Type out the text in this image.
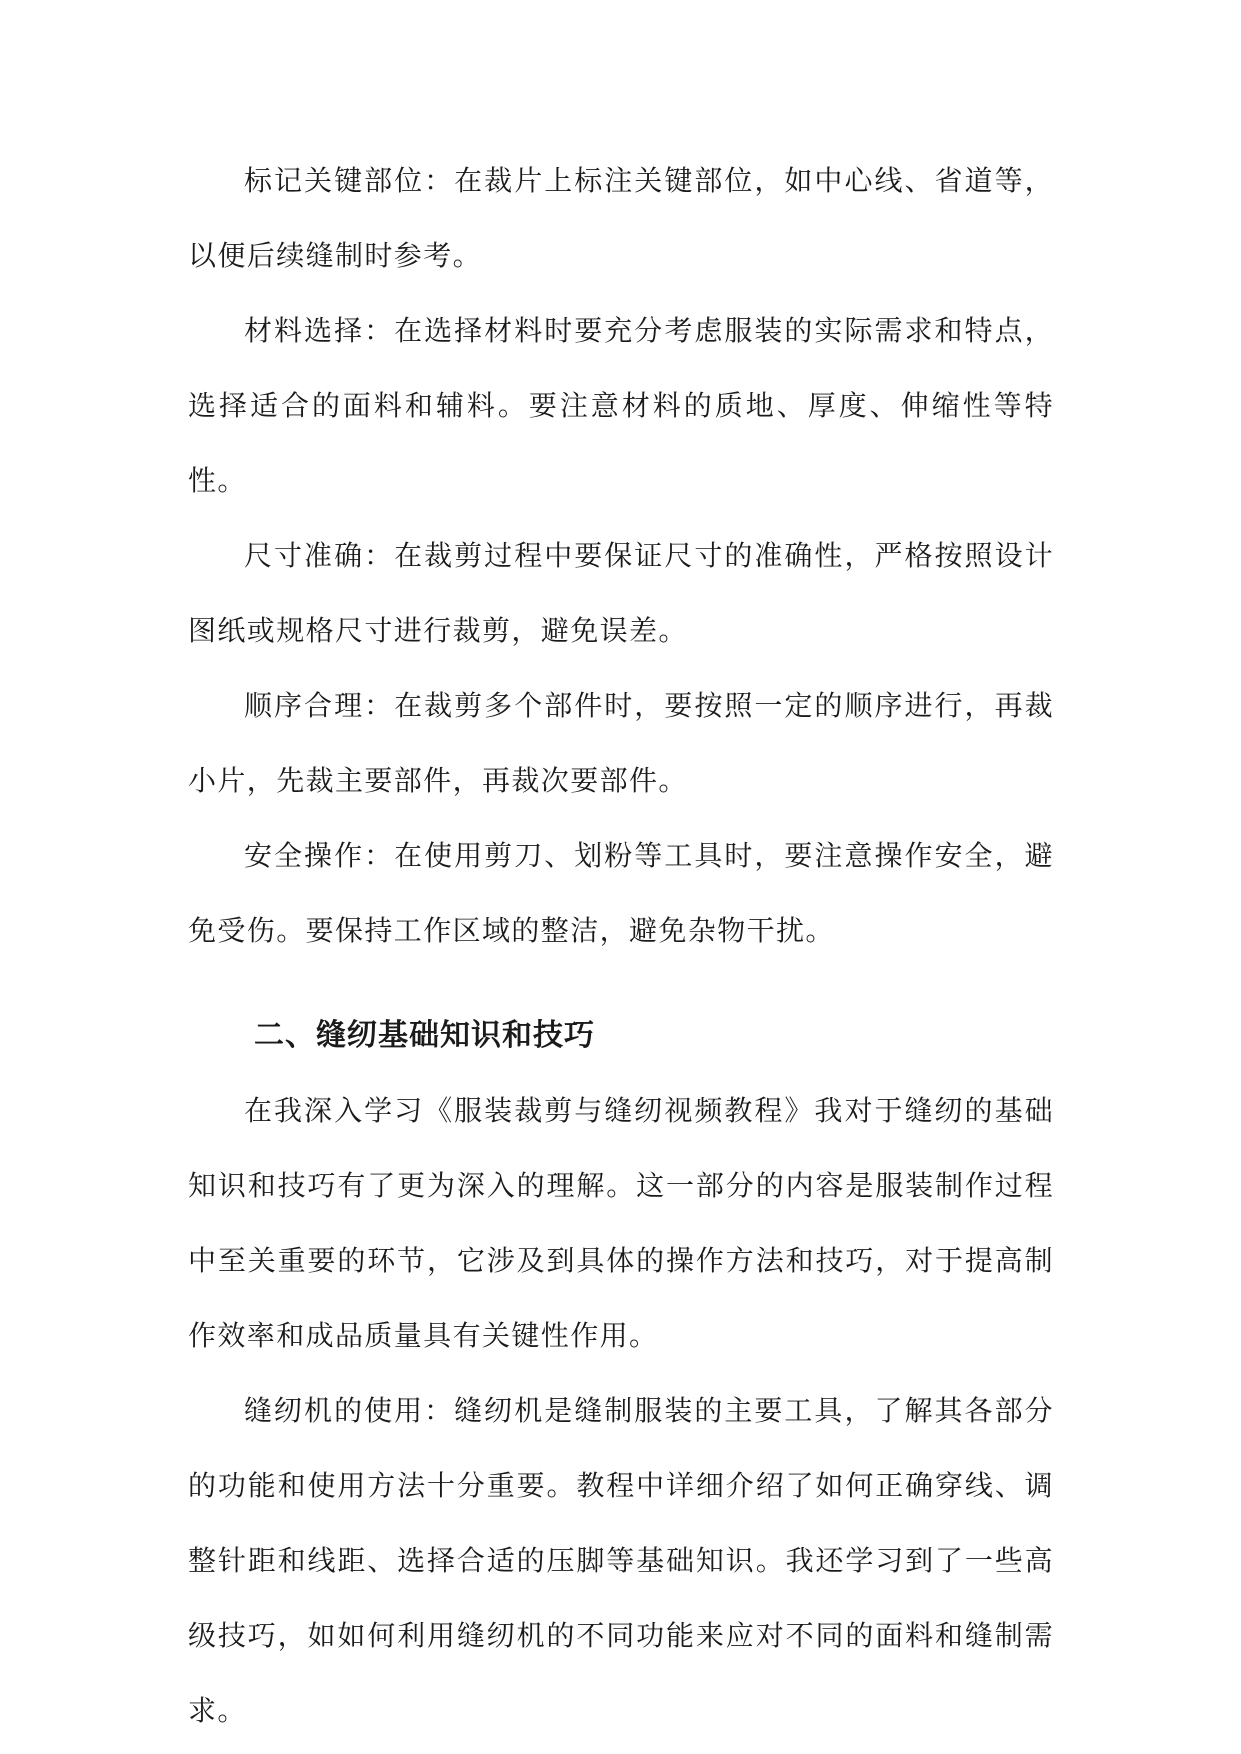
标记关键部位：在裁片上标注关键部位，如中心线、省道等，以便后续缝制时参考。

材料选择：在选择材料时要充分考虑服装的实际需求和特点，选择适合的面料和辅料。要注意材料的质地、厚度、伸缩性等特性。

尺寸准确：在裁剪过程中要保证尺寸的准确性，严格按照设计图纸或规格尺寸进行裁剪，避免误差。

顺序合理：在裁剪多个部件时，要按照一定的顺序进行，再裁小片，先裁主要部件，再裁次要部件。

安全操作：在使用剪刀、划粉等工具时，要注意操作安全，避免受伤。要保持工作区域的整洁，避免杂物干扰。

二、缝纫基础知识和技巧

在我深入学习《服装裁剪与缝纫视频教程》我对于缝纫的基础知识和技巧有了更为深入的理解。这一部分的内容是服装制作过程中至关重要的环节，它涉及到具体的操作方法和技巧，对于提高制作效率和成品质量具有关键性作用。

缝纫机的使用：缝纫机是缝制服装的主要工具，了解其各部分的功能和使用方法十分重要。教程中详细介绍了如何正确穿线、调整针距和线距、选择合适的压脚等基础知识。我还学习到了一些高级技巧，如如何利用缝纫机的不同功能来应对不同的面料和缝制需求。
